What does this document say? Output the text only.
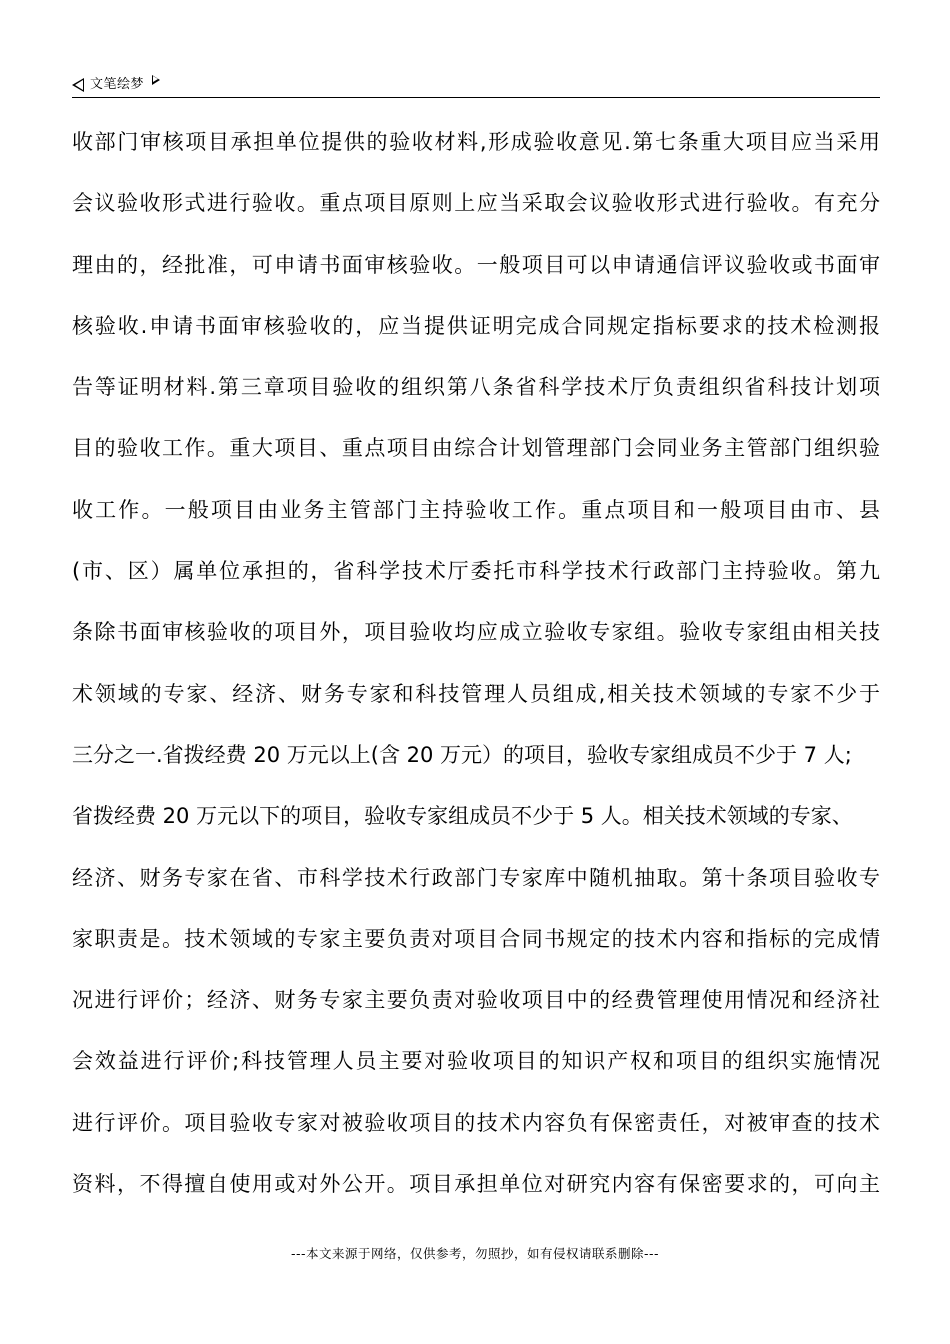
文笔绘梦
收部门审核项目承担单位提供的验收材料,形成验收意见.第七条重大项目应当采用
会议验收形式进行验收。重点项目原则上应当采取会议验收形式进行验收。有充分
理由的，经批准，可申请书面审核验收。一般项目可以申请通信评议验收或书面审
核验收.申请书面审核验收的，应当提供证明完成合同规定指标要求的技术检测报
告等证明材料.第三章项目验收的组织第八条省科学技术厅负责组织省科技计划项
目的验收工作。重大项目、重点项目由综合计划管理部门会同业务主管部门组织验
收工作。一般项目由业务主管部门主持验收工作。重点项目和一般项目由市、县
(市、区）属单位承担的，省科学技术厅委托市科学技术行政部门主持验收。第九
条除书面审核验收的项目外，项目验收均应成立验收专家组。验收专家组由相关技
术领域的专家、经济、财务专家和科技管理人员组成,相关技术领域的专家不少于
三分之一.省拨经费 20 万元以上(含 20 万元）的项目，验收专家组成员不少于 7 人;
省拨经费 20 万元以下的项目，验收专家组成员不少于 5 人。相关技术领域的专家、
经济、财务专家在省、市科学技术行政部门专家库中随机抽取。第十条项目验收专
家职责是。技术领域的专家主要负责对项目合同书规定的技术内容和指标的完成情
况进行评价；经济、财务专家主要负责对验收项目中的经费管理使用情况和经济社
会效益进行评价;科技管理人员主要对验收项目的知识产权和项目的组织实施情况
进行评价。项目验收专家对被验收项目的技术内容负有保密责任，对被审查的技术
资料，不得擅自使用或对外公开。项目承担单位对研究内容有保密要求的，可向主
---本文来源于网络，仅供参考，勿照抄，如有侵权请联系删除---
